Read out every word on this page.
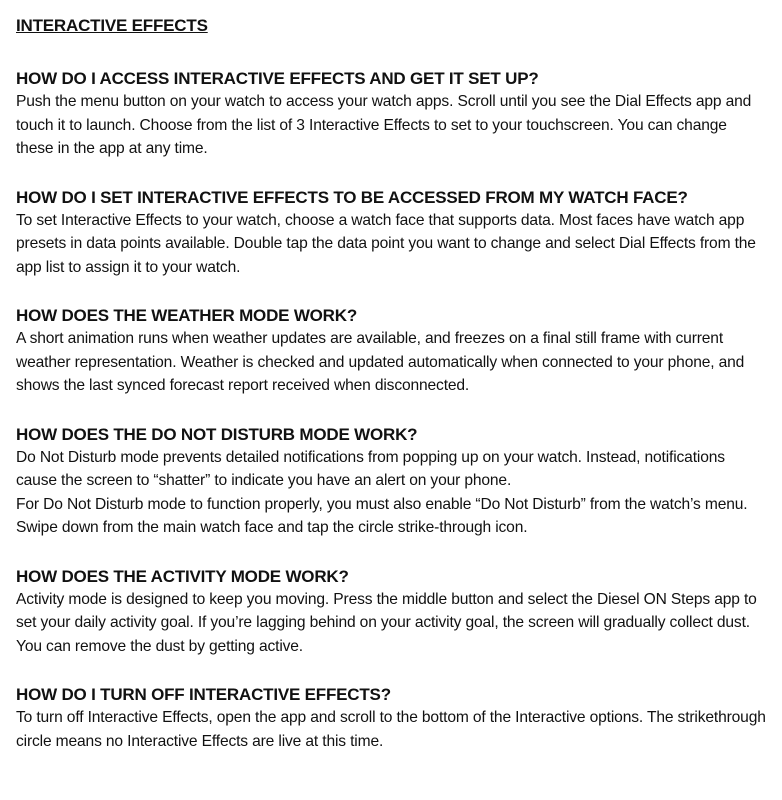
INTERACTIVE EFFECTS

HOW DO I ACCESS INTERACTIVE EFFECTS AND GET IT SET UP?

Push the menu button on your watch to access your watch apps. Scroll until you see the Dial Effects app and touch it to launch. Choose from the list of 3 Interactive Effects to set to your touchscreen. You can change these in the app at any time.

HOW DO I SET INTERACTIVE EFFECTS TO BE ACCESSED FROM MY WATCH FACE?

To set Interactive Effects to your watch, choose a watch face that supports data. Most faces have watch app presets in data points available. Double tap the data point you want to change and select Dial Effects from the app list to assign it to your watch.

HOW DOES THE WEATHER MODE WORK?

A short animation runs when weather updates are available, and freezes on a final still frame with current weather representation. Weather is checked and updated automatically when connected to your phone, and shows the last synced forecast report received when disconnected.

HOW DOES THE DO NOT DISTURB MODE WORK?

Do Not Disturb mode prevents detailed notifications from popping up on your watch. Instead, notifications cause the screen to “shatter” to indicate you have an alert on your phone.

For Do Not Disturb mode to function properly, you must also enable “Do Not Disturb” from the watch’s menu. Swipe down from the main watch face and tap the circle strike-through icon.

HOW DOES THE ACTIVITY MODE WORK?

Activity mode is designed to keep you moving. Press the middle button and select the Diesel ON Steps app to set your daily activity goal. If you’re lagging behind on your activity goal, the screen will gradually collect dust. You can remove the dust by getting active.

HOW DO I TURN OFF INTERACTIVE EFFECTS?

To turn off Interactive Effects, open the app and scroll to the bottom of the Interactive options. The strikethrough circle means no Interactive Effects are live at this time.
